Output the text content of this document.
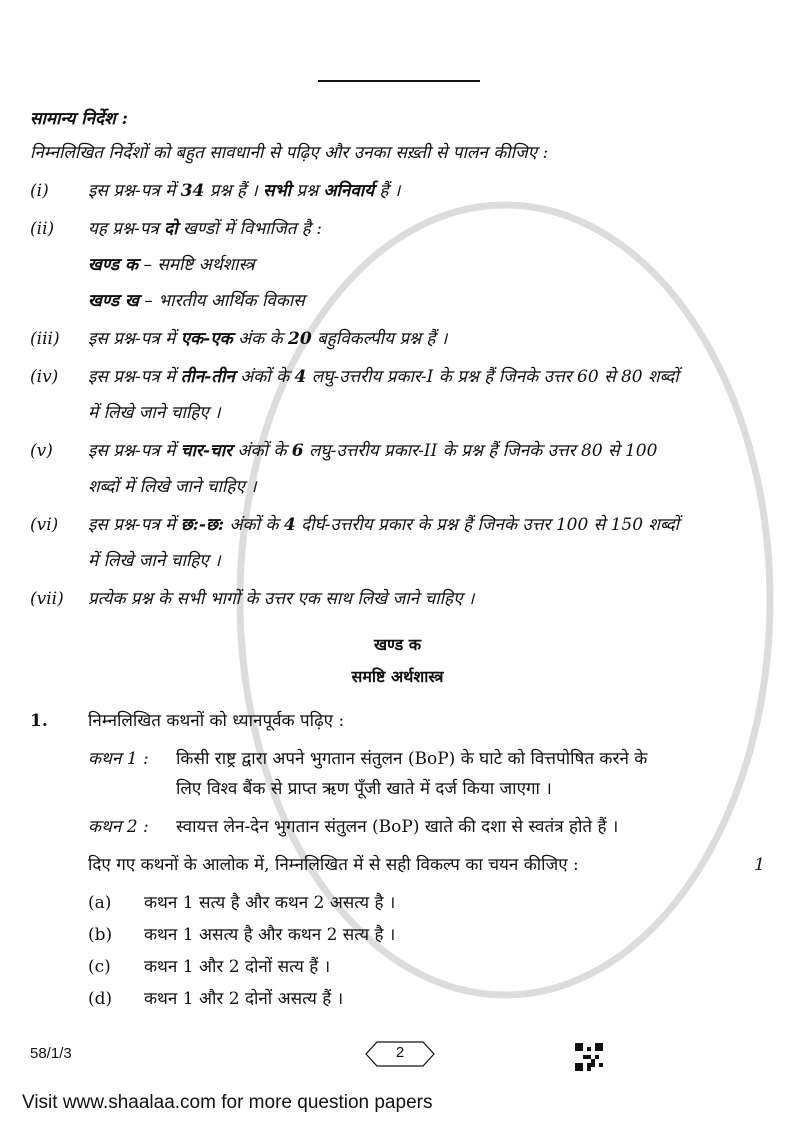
सामान्य निर्देश :
निम्नलिखित निर्देशों को बहुत सावधानी से पढ़िए और उनका सख़्ती से पालन कीजिए :
(i)	इस प्रश्न-पत्र में 34 प्रश्न हैं । सभी प्रश्न अनिवार्य हैं ।
(ii)	यह प्रश्न-पत्र दो खण्डों में विभाजित है :
खण्ड क – समष्टि अर्थशास्त्र
खण्ड ख – भारतीय आर्थिक विकास
(iii)	इस प्रश्न-पत्र में एक-एक अंक के 20 बहुविकल्पीय प्रश्न हैं ।
(iv)	इस प्रश्न-पत्र में तीन-तीन अंकों के 4 लघु-उत्तरीय प्रकार-I के प्रश्न हैं जिनके उत्तर 60 से 80 शब्दों
में लिखे जाने चाहिए ।
(v)	इस प्रश्न-पत्र में चार-चार अंकों के 6 लघु-उत्तरीय प्रकार-II के प्रश्न हैं जिनके उत्तर 80 से 100
शब्दों में लिखे जाने चाहिए ।
(vi)	इस प्रश्न-पत्र में छ:-छ: अंकों के 4 दीर्घ-उत्तरीय प्रकार के प्रश्न हैं जिनके उत्तर 100 से 150 शब्दों
में लिखे जाने चाहिए ।
(vii)	प्रत्येक प्रश्न के सभी भागों के उत्तर एक साथ लिखे जाने चाहिए ।
खण्ड क
समष्टि अर्थशास्त्र
1.	निम्नलिखित कथनों को ध्यानपूर्वक पढ़िए :
कथन 1 :	किसी राष्ट्र द्वारा अपने भुगतान संतुलन (BoP) के घाटे को वित्तपोषित करने के
लिए विश्व बैंक से प्राप्त ऋण पूँजी खाते में दर्ज किया जाएगा ।
कथन 2 :	स्वायत्त लेन-देन भुगतान संतुलन (BoP) खाते की दशा से स्वतंत्र होते हैं ।
दिए गए कथनों के आलोक में, निम्नलिखित में से सही विकल्प का चयन कीजिए :	1
(a)	कथन 1 सत्य है और कथन 2 असत्य है ।
(b)	कथन 1 असत्य है और कथन 2 सत्य है ।
(c)	कथन 1 और 2 दोनों सत्य हैं ।
(d)	कथन 1 और 2 दोनों असत्य हैं ।
58/1/3	2
Visit www.shaalaa.com for more question papers
